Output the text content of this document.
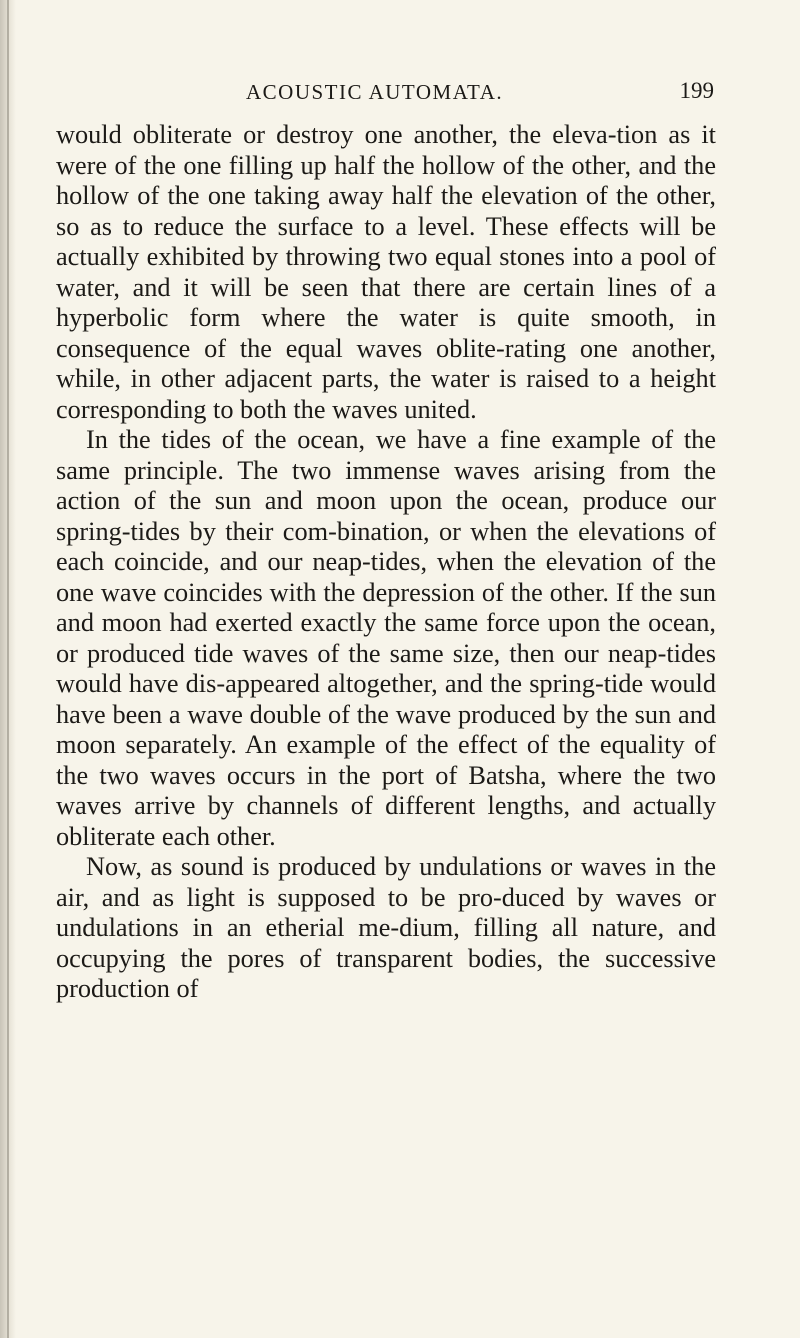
ACOUSTIC AUTOMATA.	199

would obliterate or destroy one another, the eleva-tion as it were of the one filling up half the hollow of the other, and the hollow of the one taking away half the elevation of the other, so as to reduce the surface to a level. These effects will be actually exhibited by throwing two equal stones into a pool of water, and it will be seen that there are certain lines of a hyperbolic form where the water is quite smooth, in consequence of the equal waves oblite-rating one another, while, in other adjacent parts, the water is raised to a height corresponding to both the waves united.

In the tides of the ocean, we have a fine example of the same principle. The two immense waves arising from the action of the sun and moon upon the ocean, produce our spring-tides by their com-bination, or when the elevations of each coincide, and our neap-tides, when the elevation of the one wave coincides with the depression of the other. If the sun and moon had exerted exactly the same force upon the ocean, or produced tide waves of the same size, then our neap-tides would have dis-appeared altogether, and the spring-tide would have been a wave double of the wave produced by the sun and moon separately. An example of the effect of the equality of the two waves occurs in the port of Batsha, where the two waves arrive by channels of different lengths, and actually obliterate each other.

Now, as sound is produced by undulations or waves in the air, and as light is supposed to be pro-duced by waves or undulations in an etherial me-dium, filling all nature, and occupying the pores of transparent bodies, the successive production of
